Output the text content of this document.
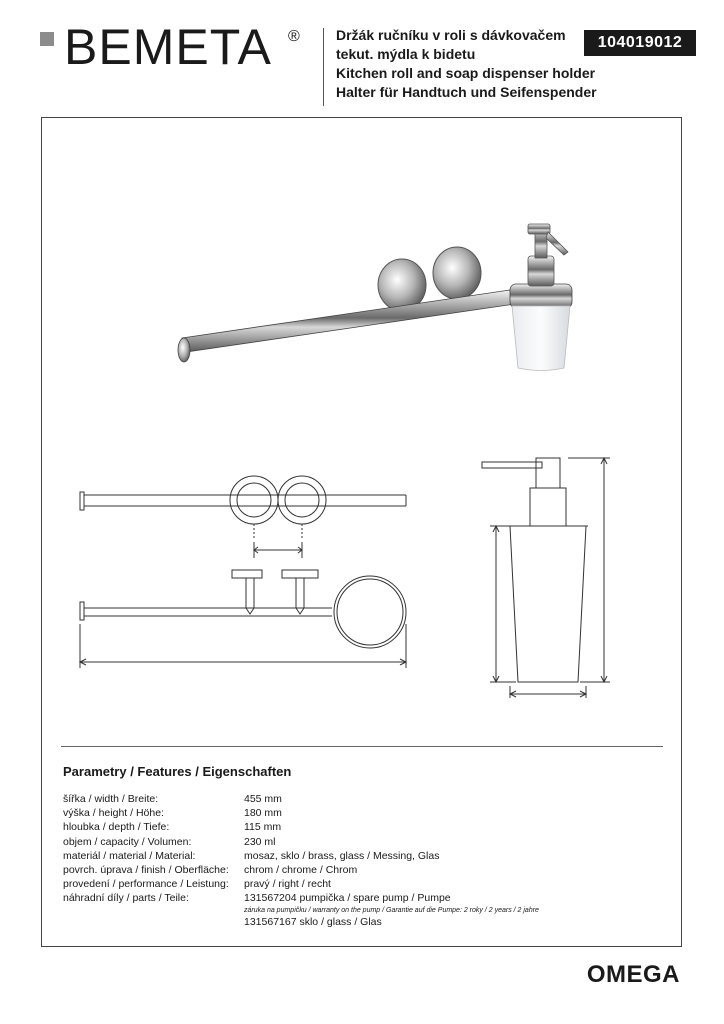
BEMETA ®	Držák ručníku v roli s dávkovačem
tekut. mýdla k bidetu
Kitchen roll and soap dispenser holder
Halter für Handtuch und Seifenspender
104019012
Parametry / Features / Eigenschaften
šířka / width / Breite:	455 mm
výška / height / Höhe:	180 mm
hloubka / depth / Tiefe:	115 mm
objem / capacity / Volumen:	230 ml
materiál / material / Material:	mosaz, sklo / brass, glass / Messing, Glas
povrch. úprava / finish / Oberfläche:	chrom / chrome / Chrom
provedení / performance / Leistung:	pravý / right / recht
náhradní díly / parts / Teile:	131567204 pumpička / spare pump / Pumpe
záruka na pumpičku / warranty on the pump / Garantie auf die Pumpe: 2 roky / 2 years / 2 jahre
131567167 sklo / glass / Glas
OMEGA
